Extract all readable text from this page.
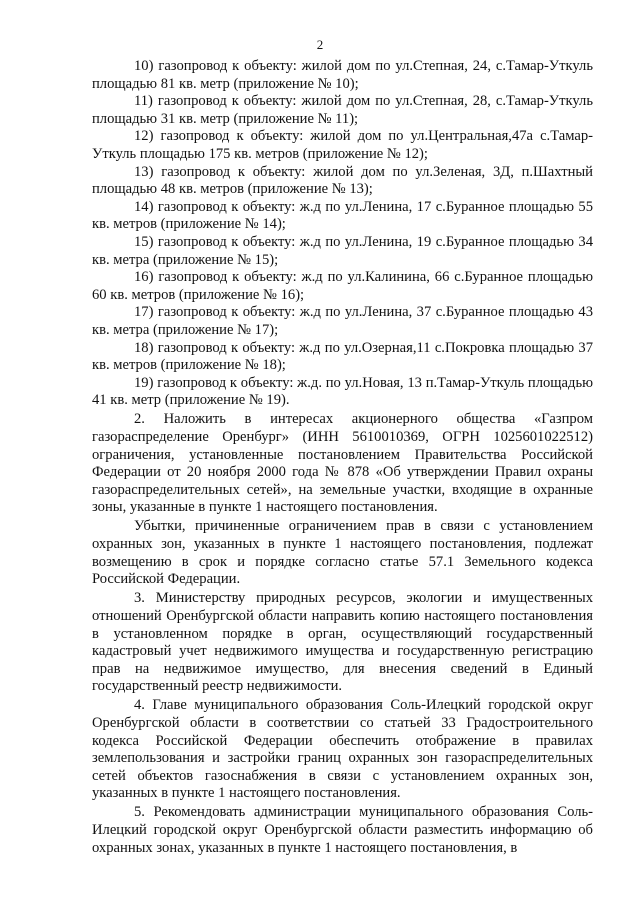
2

10) газопровод к объекту: жилой дом по ул.Степная, 24, с.Тамар-Уткуль площадью 81 кв. метр (приложение № 10);

11) газопровод к объекту: жилой дом по ул.Степная, 28, с.Тамар-Уткуль площадью 31 кв. метр (приложение № 11);

12) газопровод к объекту: жилой дом по ул.Центральная,47а с.Тамар-Уткуль площадью 175 кв. метров (приложение № 12);

13) газопровод к объекту: жилой дом по ул.Зеленая, 3Д, п.Шахтный площадью 48 кв. метров (приложение № 13);

14) газопровод к объекту: ж.д по ул.Ленина, 17 с.Буранное площадью 55 кв. метров (приложение № 14);

15) газопровод к объекту: ж.д по ул.Ленина, 19 с.Буранное площадью 34 кв. метра (приложение № 15);

16) газопровод к объекту: ж.д по ул.Калинина, 66 с.Буранное площадью 60 кв. метров (приложение № 16);

17) газопровод к объекту: ж.д по ул.Ленина, 37 с.Буранное площадью 43 кв. метра (приложение № 17);

18) газопровод к объекту: ж.д по ул.Озерная,11 с.Покровка площадью 37 кв. метров (приложение № 18);

19) газопровод к объекту: ж.д. по ул.Новая, 13 п.Тамар-Уткуль площадью 41 кв. метр (приложение № 19).

2. Наложить в интересах акционерного общества «Газпром газораспределение Оренбург» (ИНН 5610010369, ОГРН 1025601022512) ограничения, установленные постановлением Правительства Российской Федерации от 20 ноября 2000 года № 878 «Об утверждении Правил охраны газораспределительных сетей», на земельные участки, входящие в охранные зоны, указанные в пункте 1 настоящего постановления.

Убытки, причиненные ограничением прав в связи с установлением охранных зон, указанных в пункте 1 настоящего постановления, подлежат возмещению в срок и порядке согласно статье 57.1 Земельного кодекса Российской Федерации.

3. Министерству природных ресурсов, экологии и имущественных отношений Оренбургской области направить копию настоящего постановления в установленном порядке в орган, осуществляющий государственный кадастровый учет недвижимого имущества и государственную регистрацию прав на недвижимое имущество, для внесения сведений в Единый государственный реестр недвижимости.

4. Главе муниципального образования Соль-Илецкий городской округ Оренбургской области в соответствии со статьей 33 Градостроительного кодекса Российской Федерации обеспечить отображение в правилах землепользования и застройки границ охранных зон газораспределительных сетей объектов газоснабжения в связи с установлением охранных зон, указанных в пункте 1 настоящего постановления.

5. Рекомендовать администрации муниципального образования Соль-Илецкий городской округ Оренбургской области разместить информацию об охранных зонах, указанных в пункте 1 настоящего постановления, в
